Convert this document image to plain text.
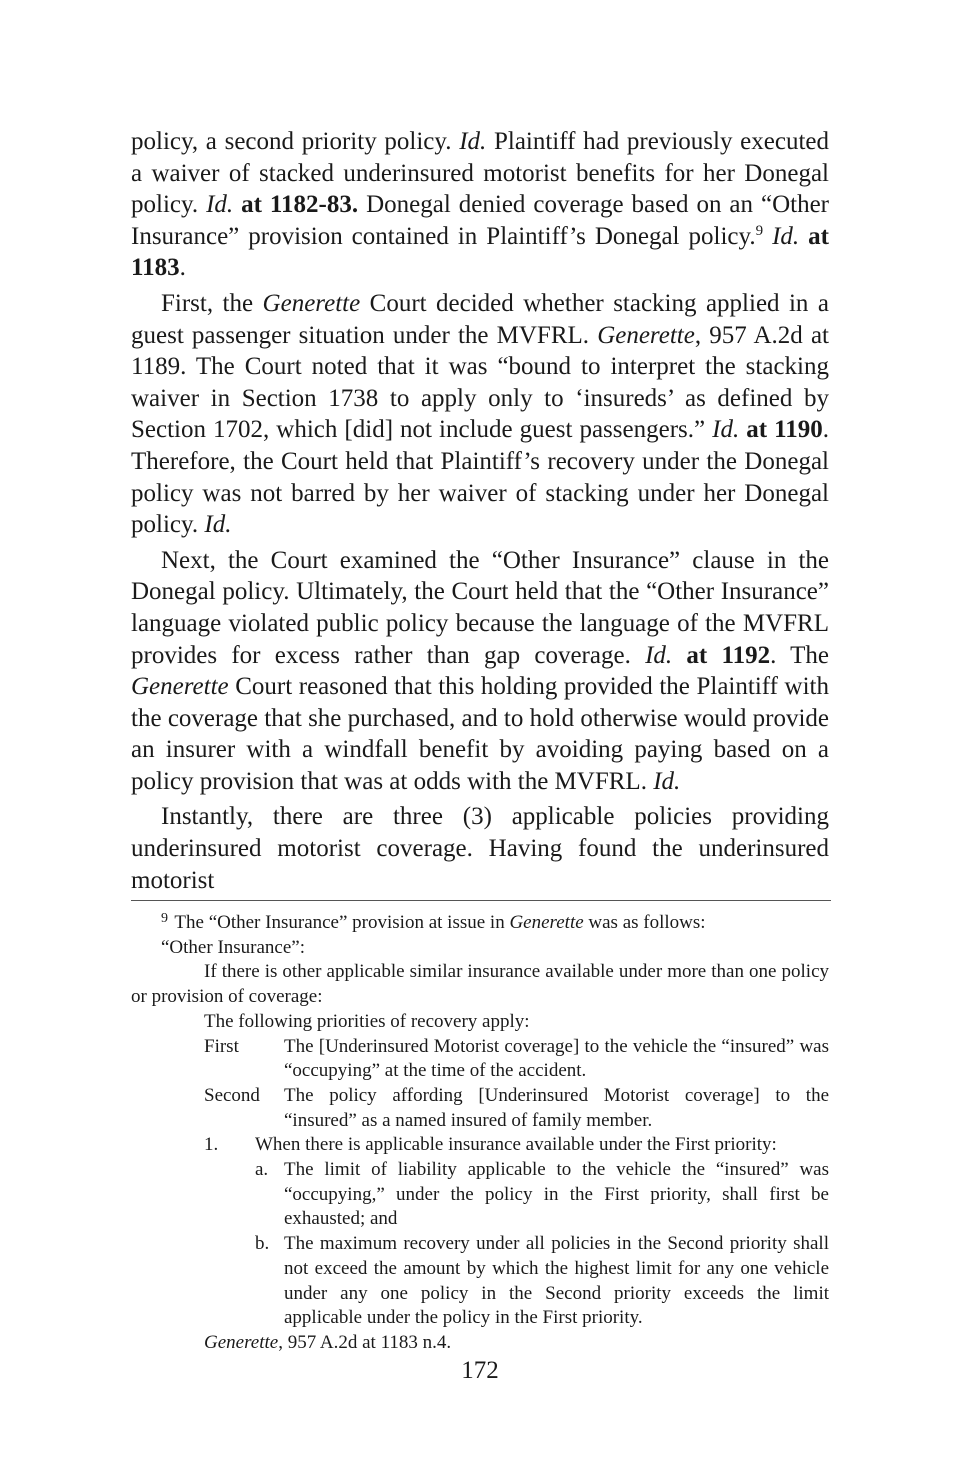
policy, a second priority policy. Id. Plaintiff had previously executed a waiver of stacked underinsured motorist benefits for her Donegal policy. Id. at 1182-83. Donegal denied coverage based on an “Other Insurance” provision contained in Plaintiff’s Donegal policy.$^9$ Id. at 1183.

First, the Generette Court decided whether stacking applied in a guest passenger situation under the MVFRL. Generette, 957 A.2d at 1189. The Court noted that it was “bound to interpret the stacking waiver in Section 1738 to apply only to ‘insureds’ as defined by Section 1702, which [did] not include guest passengers.” Id. at 1190. Therefore, the Court held that Plaintiff’s recovery under the Donegal policy was not barred by her waiver of stacking under her Donegal policy. Id.

Next, the Court examined the “Other Insurance” clause in the Donegal policy. Ultimately, the Court held that the “Other Insurance” language violated public policy because the language of the MVFRL provides for excess rather than gap coverage. Id. at 1192. The Generette Court reasoned that this holding provided the Plaintiff with the coverage that she purchased, and to hold otherwise would provide an insurer with a windfall benefit by avoiding paying based on a policy provision that was at odds with the MVFRL. Id.

Instantly, there are three (3) applicable policies providing underinsured motorist coverage. Having found the underinsured motorist

$^9$ The “Other Insurance” provision at issue in Generette was as follows:
“Other Insurance”:
If there is other applicable similar insurance available under more than one policy or provision of coverage:
The following priorities of recovery apply:
First	The [Underinsured Motorist coverage] to the vehicle the “insured” was “occupying” at the time of the accident.
Second	The policy affording [Underinsured Motorist coverage] to the “insured” as a named insured of family member.
1.	When there is applicable insurance available under the First priority:
a. The limit of liability applicable to the vehicle the “insured” was “occupying,” under the policy in the First priority, shall first be exhausted; and
b. The maximum recovery under all policies in the Second priority shall not exceed the amount by which the highest limit for any one vehicle under any one policy in the Second priority exceeds the limit applicable under the policy in the First priority.
Generette, 957 A.2d at 1183 n.4.
172
